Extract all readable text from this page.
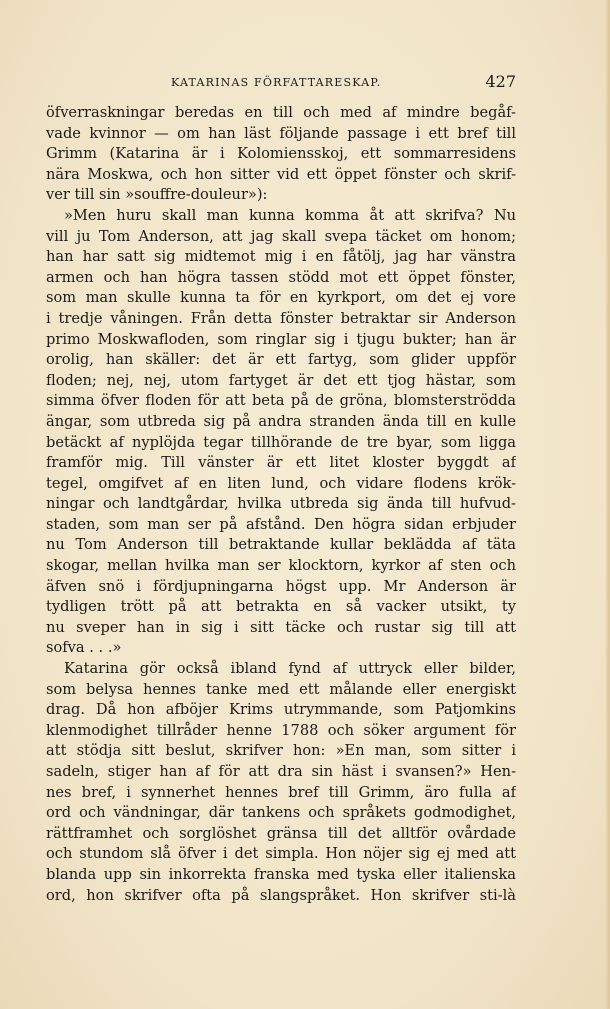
KATARINAS FÖRFATTARESKAP.	427
öfverraskningar beredas en till och med af mindre begåf-
vade kvinnor — om han läst följande passage i ett bref till
Grimm (Katarina är i Kolomiensskoj, ett sommarresidens
nära Moskwa, och hon sitter vid ett öppet fönster och skrif-
ver till sin »souffre-douleur»):
»Men huru skall man kunna komma åt att skrifva? Nu
vill ju Tom Anderson, att jag skall svepa täcket om honom;
han har satt sig midtemot mig i en fåtölj, jag har vänstra
armen och han högra tassen stödd mot ett öppet fönster,
som man skulle kunna ta för en kyrkport, om det ej vore
i tredje våningen. Från detta fönster betraktar sir Anderson
primo Moskwafloden, som ringlar sig i tjugu bukter; han är
orolig, han skäller: det är ett fartyg, som glider uppför
floden; nej, nej, utom fartyget är det ett tjog hästar, som
simma öfver floden för att beta på de gröna, blomsterströdda
ängar, som utbreda sig på andra stranden ända till en kulle
betäckt af nyplöjda tegar tillhörande de tre byar, som ligga
framför mig. Till vänster är ett litet kloster byggdt af
tegel, omgifvet af en liten lund, och vidare flodens krök-
ningar och landtgårdar, hvilka utbreda sig ända till hufvud-
staden, som man ser på afstånd. Den högra sidan erbjuder
nu Tom Anderson till betraktande kullar beklädda af täta
skogar, mellan hvilka man ser klocktorn, kyrkor af sten och
äfven snö i fördjupningarna högst upp. Mr Anderson är
tydligen trött på att betrakta en så vacker utsikt, ty
nu sveper han in sig i sitt täcke och rustar sig till att
sofva . . .»
Katarina gör också ibland fynd af uttryck eller bilder,
som belysa hennes tanke med ett målande eller energiskt
drag. Då hon afböjer Krims utrymmande, som Patjomkins
klenmodighet tillråder henne 1788 och söker argument för
att stödja sitt beslut, skrifver hon: »En man, som sitter i
sadeln, stiger han af för att dra sin häst i svansen?» Hen-
nes bref, i synnerhet hennes bref till Grimm, äro fulla af
ord och vändningar, där tankens och språkets godmodighet,
rättframhet och sorglöshet gränsa till det alltför ovårdade
och stundom slå öfver i det simpla. Hon nöjer sig ej med att
blanda upp sin inkorrekta franska med tyska eller italienska
ord, hon skrifver ofta på slangspråket. Hon skrifver sti-là
